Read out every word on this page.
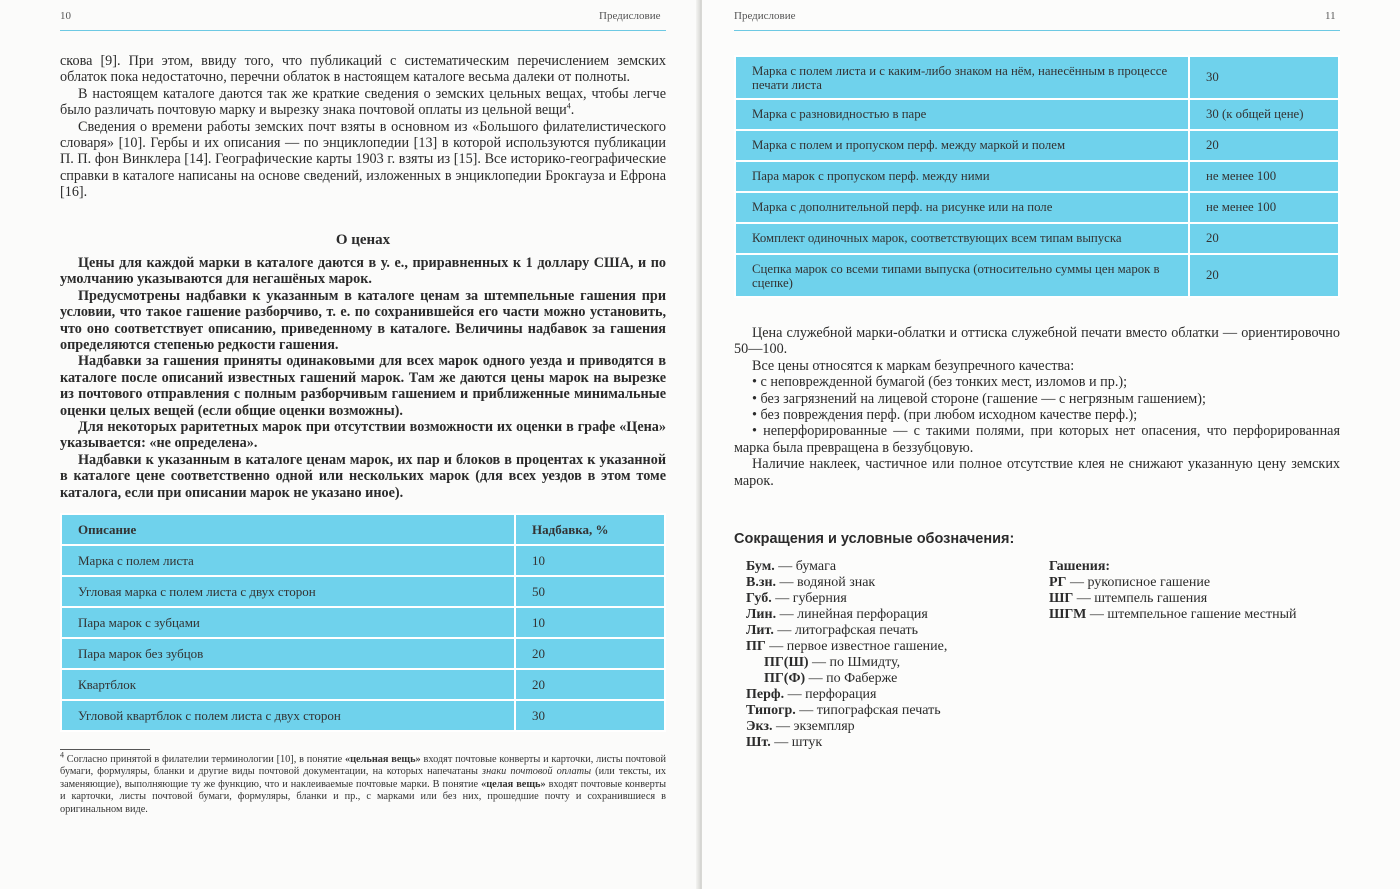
10	Предисловие

скова [9]. При этом, ввиду того, что публикаций с систематическим перечислением земских облаток пока недостаточно, перечни облаток в настоящем каталоге весьма далеки от полноты.

В настоящем каталоге даются так же краткие сведения о земских цельных вещах, чтобы легче было различать почтовую марку и вырезку знака почтовой оплаты из цельной вещи$^4$.

Сведения о времени работы земских почт взяты в основном из «Большого филателистического словаря» [10]. Гербы и их описания — по энциклопедии [13] в которой используются публикации П. П. фон Винклера [14]. Географические карты 1903 г. взяты из [15]. Все историко-географические справки в каталоге написаны на основе сведений, изложенных в энциклопедии Брокгауза и Ефрона [16].

О ценах

Цены для каждой марки в каталоге даются в у. е., приравненных к 1 доллару США, и по умолчанию указываются для негашёных марок.

Предусмотрены надбавки к указанным в каталоге ценам за штемпельные гашения при условии, что такое гашение разборчиво, т. е. по сохранившейся его части можно установить, что оно соответствует описанию, приведенному в каталоге. Величины надбавок за гашения определяются степенью редкости гашения.

Надбавки за гашения приняты одинаковыми для всех марок одного уезда и приводятся в каталоге после описаний известных гашений марок. Там же даются цены марок на вырезке из почтового отправления с полным разборчивым гашением и приближенные минимальные оценки целых вещей (если общие оценки возможны).

Для некоторых раритетных марок при отсутствии возможности их оценки в графе «Цена» указывается: «не определена».

Надбавки к указанным в каталоге ценам марок, их пар и блоков в процентах к указанной в каталоге цене соответственно одной или нескольких марок (для всех уездов в этом томе каталога, если при описании марок не указано иное).

Описание	Надбавка, %
Марка с полем листа	10
Угловая марка с полем листа с двух сторон	50
Пара марок с зубцами	10
Пара марок без зубцов	20
Квартблок	20
Угловой квартблок с полем листа с двух сторон	30
$^4$ Согласно принятой в филателии терминологии [10], в понятие «цельная вещь» входят почтовые конверты и карточки, листы почтовой бумаги, формуляры, бланки и другие виды почтовой документации, на которых напечатаны знаки почтовой оплаты (или тексты, их заменяющие), выполняющие ту же функцию, что и наклеиваемые почтовые марки. В понятие «целая вещь» входят почтовые конверты и карточки, листы почтовой бумаги, формуляры, бланки и пр., с марками или без них, прошедшие почту и сохранившиеся в оригинальном виде.
Предисловие	11
Марка с полем листа и с каким-либо знаком на нём, нанесённым в процессе печати листа	30
Марка с разновидностью в паре	30 (к общей цене)
Марка с полем и пропуском перф. между маркой и полем	20
Пара марок с пропуском перф. между ними	не менее 100
Марка с дополнительной перф. на рисунке или на поле	не менее 100
Комплект одиночных марок, соответствующих всем типам выпуска	20
Сцепка марок со всеми типами выпуска (относительно суммы цен марок в сцепке)	20

Цена служебной марки-облатки и оттиска служебной печати вместо облатки — ориентировочно 50—100.

Все цены относятся к маркам безупречного качества:

• с неповрежденной бумагой (без тонких мест, изломов и пр.);

• без загрязнений на лицевой стороне (гашение — с негрязным гашением);

• без повреждения перф. (при любом исходном качестве перф.);

• неперфорированные — с такими полями, при которых нет опасения, что перфорированная марка была превращена в беззубцовую.

Наличие наклеек, частичное или полное отсутствие клея не снижают указанную цену земских марок.

Сокращения и условные обозначения:
Бум. — бумага
В.зн. — водяной знак
Губ. — губерния
Лин. — линейная перфорация
Лит. — литографская печать
ПГ — первое известное гашение,
ПГ(Ш) — по Шмидту,
ПГ(Ф) — по Фаберже
Перф. — перфорация
Типогр. — типографская печать
Экз. — экземпляр
Шт. — штук
Гашения:
РГ — рукописное гашение
ШГ — штемпель гашения
ШГМ — штемпельное гашение местный
